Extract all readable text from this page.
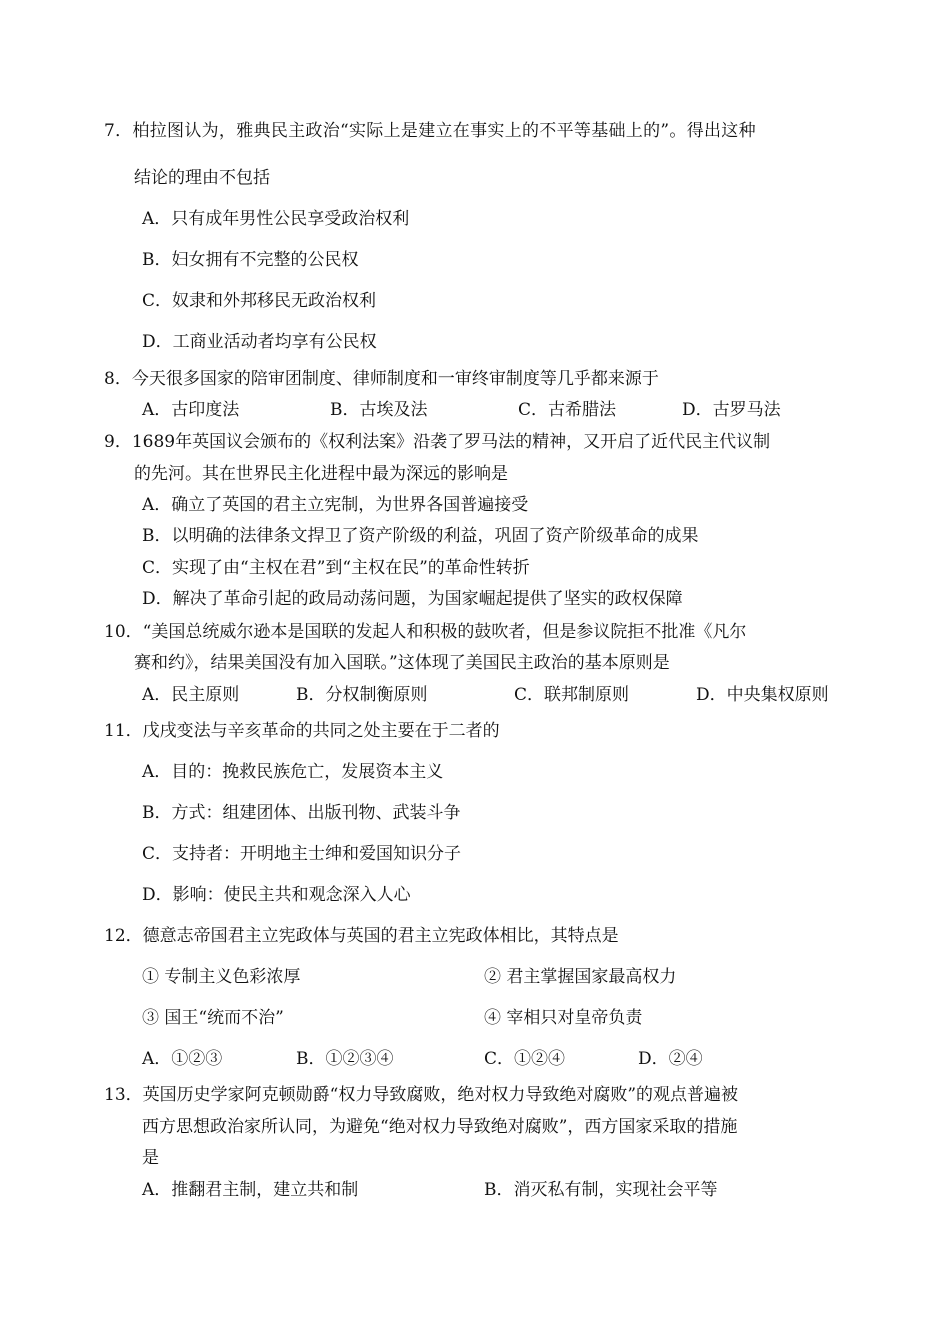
7．柏拉图认为，雅典民主政治“实际上是建立在事实上的不平等基础上的”。得出这种
结论的理由不包括
A．只有成年男性公民享受政治权利
B．妇女拥有不完整的公民权
C．奴隶和外邦移民无政治权利
D．工商业活动者均享有公民权
8．今天很多国家的陪审团制度、律师制度和一审终审制度等几乎都来源于
A．古印度法	B．古埃及法	C．古希腊法	D．古罗马法
9．1689年英国议会颁布的《权利法案》沿袭了罗马法的精神，又开启了近代民主代议制
的先河。其在世界民主化进程中最为深远的影响是
A．确立了英国的君主立宪制，为世界各国普遍接受
B．以明确的法律条文捍卫了资产阶级的利益，巩固了资产阶级革命的成果
C．实现了由“主权在君”到“主权在民”的革命性转折
D．解决了革命引起的政局动荡问题，为国家崛起提供了坚实的政权保障
10．“美国总统威尔逊本是国联的发起人和积极的鼓吹者，但是参议院拒不批准《凡尔
赛和约》，结果美国没有加入国联。”这体现了美国民主政治的基本原则是
A．民主原则	B．分权制衡原则	C．联邦制原则	D．中央集权原则
11．戊戌变法与辛亥革命的共同之处主要在于二者的
A．目的：挽救民族危亡，发展资本主义
B．方式：组建团体、出版刊物、武装斗争
C．支持者：开明地主士绅和爱国知识分子
D．影响：使民主共和观念深入人心
12．德意志帝国君主立宪政体与英国的君主立宪政体相比，其特点是
① 专制主义色彩浓厚	② 君主掌握国家最高权力
③ 国王“统而不治”	④ 宰相只对皇帝负责
A．①②③	B．①②③④	C．①②④	D．②④
13．英国历史学家阿克顿勋爵“权力导致腐败，绝对权力导致绝对腐败”的观点普遍被
西方思想政治家所认同，为避免“绝对权力导致绝对腐败”，西方国家采取的措施
是
A．推翻君主制，建立共和制	B．消灭私有制，实现社会平等
